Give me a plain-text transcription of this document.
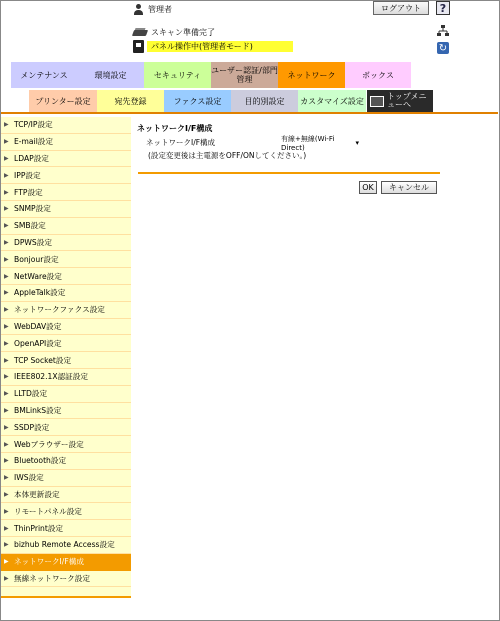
管理者	ログアウト	?
スキャン準備完了
パネル操作中(管理者モード)	↻
メンテナンス	環境設定	セキュリティ	ユーザー認証/部門管理	ネットワーク	ボックス
プリンター設定	宛先登録	ファクス設定	目的別設定	カスタマイズ設定	トップメニューへ
▶ TCP/IP設定
▶ E-mail設定
▶ LDAP設定
▶ IPP設定
▶ FTP設定
▶ SNMP設定
▶ SMB設定
▶ DPWS設定
▶ Bonjour設定
▶ NetWare設定
▶ AppleTalk設定
▶ ネットワークファクス設定
▶ WebDAV設定
▶ OpenAPI設定
▶ TCP Socket設定
▶ IEEE802.1X認証設定
▶ LLTD設定
▶ BMLinkS設定
▶ SSDP設定
▶ Webブラウザー設定
▶ Bluetooth設定
▶ IWS設定
▶ 本体更新設定
▶ リモートパネル設定
▶ ThinPrint設定
▶ bizhub Remote Access設定
▶ ネットワークI/F構成
▶ 無線ネットワーク設定
ネットワークI/F構成
ネットワークI/F構成	有線+無線(Wi-Fi Direct)
▾
(設定変更後は主電源をOFF/ONしてください。)
OK	キャンセル
